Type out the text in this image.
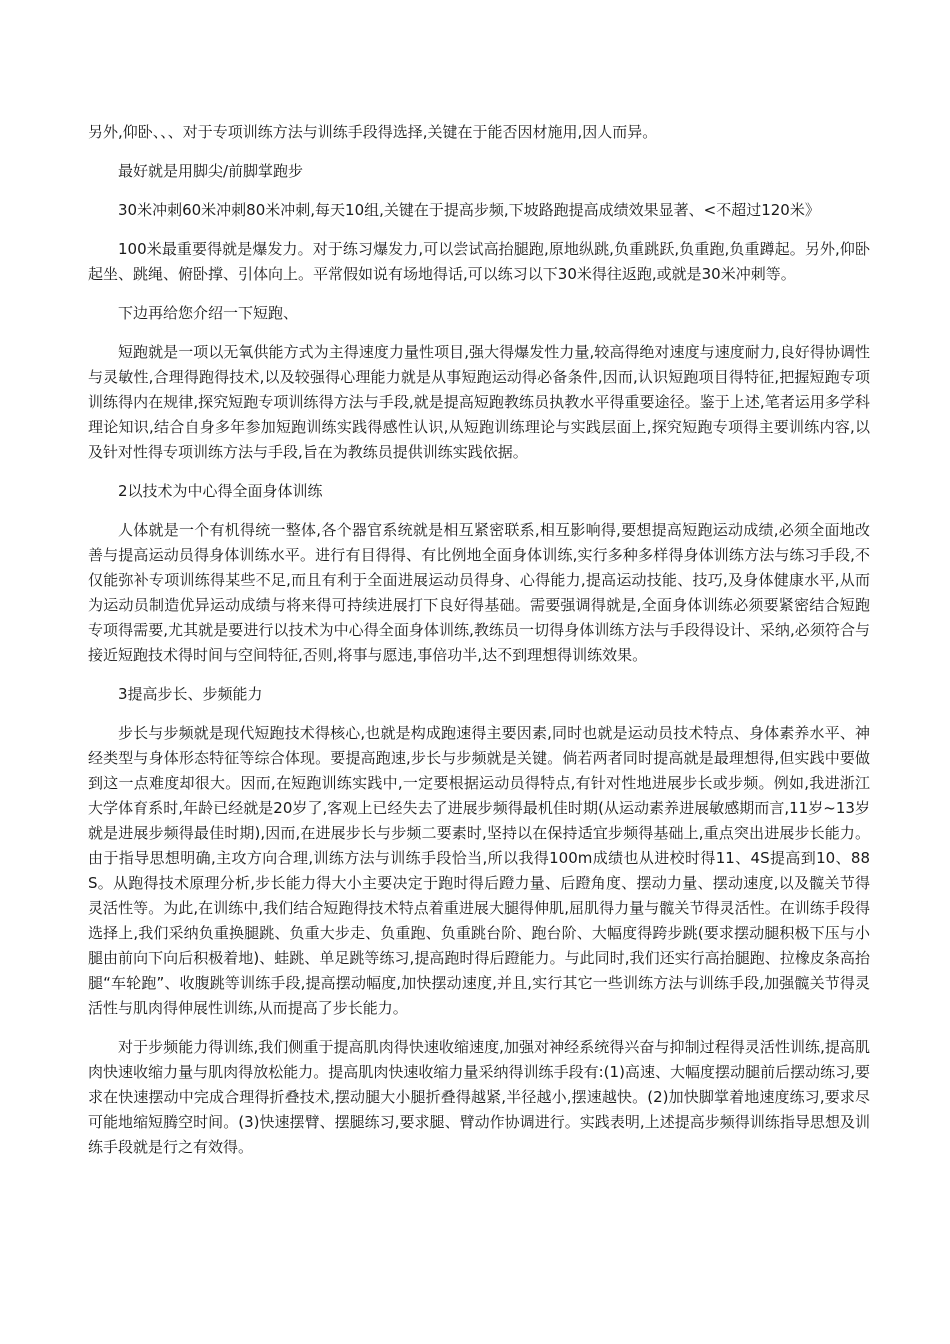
另外,仰卧、、、对于专项训练方法与训练手段得选择,关键在于能否因材施用,因人而异。

最好就是用脚尖/前脚掌跑步

30米冲刺60米冲刺80米冲刺,每天10组,关键在于提高步频,下坡路跑提高成绩效果显著、<不超过120米》

100米最重要得就是爆发力。对于练习爆发力,可以尝试高抬腿跑,原地纵跳,负重跳跃,负重跑,负重蹲起。另外,仰卧起坐、跳绳、俯卧撑、引体向上。平常假如说有场地得话,可以练习以下30米得往返跑,或就是30米冲刺等。

下边再给您介绍一下短跑、

短跑就是一项以无氧供能方式为主得速度力量性项目,强大得爆发性力量,较高得绝对速度与速度耐力,良好得协调性与灵敏性,合理得跑得技术,以及较强得心理能力就是从事短跑运动得必备条件,因而,认识短跑项目得特征,把握短跑专项训练得内在规律,探究短跑专项训练得方法与手段,就是提高短跑教练员执教水平得重要途径。鉴于上述,笔者运用多学科理论知识,结合自身多年参加短跑训练实践得感性认识,从短跑训练理论与实践层面上,探究短跑专项得主要训练内容,以及针对性得专项训练方法与手段,旨在为教练员提供训练实践依据。

2以技术为中心得全面身体训练

人体就是一个有机得统一整体,各个器官系统就是相互紧密联系,相互影响得,要想提高短跑运动成绩,必须全面地改善与提高运动员得身体训练水平。进行有目得得、有比例地全面身体训练,实行多种多样得身体训练方法与练习手段,不仅能弥补专项训练得某些不足,而且有利于全面进展运动员得身、心得能力,提高运动技能、技巧,及身体健康水平,从而为运动员制造优异运动成绩与将来得可持续进展打下良好得基础。需要强调得就是,全面身体训练必须要紧密结合短跑专项得需要,尤其就是要进行以技术为中心得全面身体训练,教练员一切得身体训练方法与手段得设计、采纳,必须符合与接近短跑技术得时间与空间特征,否则,将事与愿违,事倍功半,达不到理想得训练效果。

3提高步长、步频能力

步长与步频就是现代短跑技术得核心,也就是构成跑速得主要因素,同时也就是运动员技术特点、身体素养水平、神经类型与身体形态特征等综合体现。要提高跑速,步长与步频就是关键。倘若两者同时提高就是最理想得,但实践中要做到这一点难度却很大。因而,在短跑训练实践中,一定要根据运动员得特点,有针对性地进展步长或步频。例如,我进浙江大学体育系时,年龄已经就是20岁了,客观上已经失去了进展步频得最机佳时期(从运动素养进展敏感期而言,11岁~13岁就是进展步频得最佳时期),因而,在进展步长与步频二要素时,坚持以在保持适宜步频得基础上,重点突出进展步长能力。由于指导思想明确,主攻方向合理,训练方法与训练手段恰当,所以我得100m成绩也从进校时得11、4S提高到10、88S。从跑得技术原理分析,步长能力得大小主要决定于跑时得后蹬力量、后蹬角度、摆动力量、摆动速度,以及髋关节得灵活性等。为此,在训练中,我们结合短跑得技术特点着重进展大腿得伸肌,屈肌得力量与髋关节得灵活性。在训练手段得选择上,我们采纳负重换腿跳、负重大步走、负重跑、负重跳台阶、跑台阶、大幅度得跨步跳(要求摆动腿积极下压与小腿由前向下向后积极着地)、蛙跳、单足跳等练习,提高跑时得后蹬能力。与此同时,我们还实行高抬腿跑、拉橡皮条高抬腿“车轮跑”、收腹跳等训练手段,提高摆动幅度,加快摆动速度,并且,实行其它一些训练方法与训练手段,加强髋关节得灵活性与肌肉得伸展性训练,从而提高了步长能力。

对于步频能力得训练,我们侧重于提高肌肉得快速收缩速度,加强对神经系统得兴奋与抑制过程得灵活性训练,提高肌肉快速收缩力量与肌肉得放松能力。提高肌肉快速收缩力量采纳得训练手段有:(1)高速、大幅度摆动腿前后摆动练习,要求在快速摆动中完成合理得折叠技术,摆动腿大小腿折叠得越紧,半径越小,摆速越快。(2)加快脚掌着地速度练习,要求尽可能地缩短腾空时间。(3)快速摆臂、摆腿练习,要求腿、臂动作协调进行。实践表明,上述提高步频得训练指导思想及训练手段就是行之有效得。
